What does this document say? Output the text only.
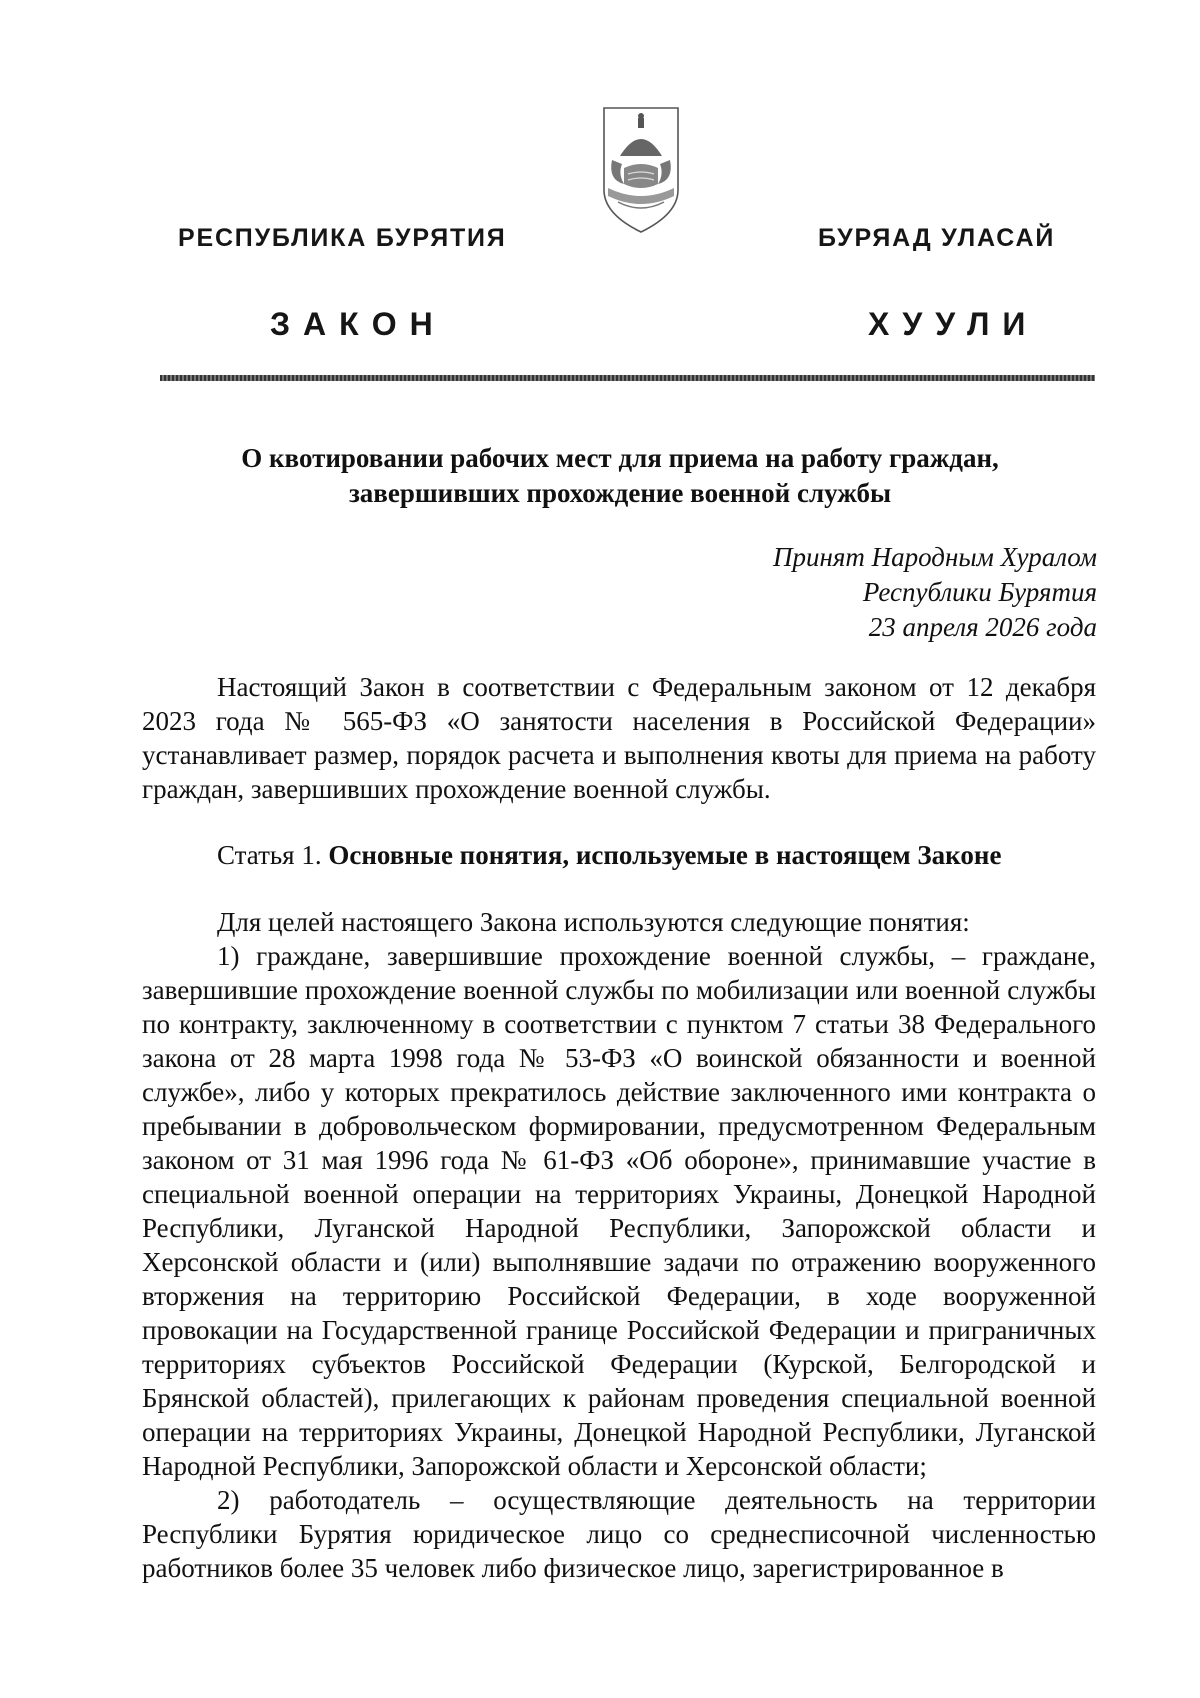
РЕСПУБЛИКА БУРЯТИЯ	БУРЯАД УЛАСАЙ
ЗАКОН	ХУУЛИ
О квотировании рабочих мест для приема на работу граждан,
завершивших прохождение военной службы
Принят Народным Хуралом
Республики Бурятия
23 апреля 2026 года

Настоящий Закон в соответствии с Федеральным законом от 12 декабря 2023 года № 565-ФЗ «О занятости населения в Российской Федерации» устанавливает размер, порядок расчета и выполнения квоты для приема на работу граждан, завершивших прохождение военной службы.

Статья 1. Основные понятия, используемые в настоящем Законе

Для целей настоящего Закона используются следующие понятия:

1) граждане, завершившие прохождение военной службы, – граждане, завершившие прохождение военной службы по мобилизации или военной службы по контракту, заключенному в соответствии с пунктом 7 статьи 38 Федерального закона от 28 марта 1998 года № 53-ФЗ «О воинской обязанности и военной службе», либо у которых прекратилось действие заключенного ими контракта о пребывании в добровольческом формировании, предусмотренном Федеральным законом от 31 мая 1996 года № 61-ФЗ «Об обороне», принимавшие участие в специальной военной операции на территориях Украины, Донецкой Народной Республики, Луганской Народной Республики, Запорожской области и Херсонской области и (или) выполнявшие задачи по отражению вооруженного вторжения на территорию Российской Федерации, в ходе вооруженной провокации на Государственной границе Российской Федерации и приграничных территориях субъектов Российской Федерации (Курской, Белгородской и Брянской областей), прилегающих к районам проведения специальной военной операции на территориях Украины, Донецкой Народной Республики, Луганской Народной Республики, Запорожской области и Херсонской области;

2) работодатель – осуществляющие деятельность на территории Республики Бурятия юридическое лицо со среднесписочной численностью работников более 35 человек либо физическое лицо, зарегистрированное в
